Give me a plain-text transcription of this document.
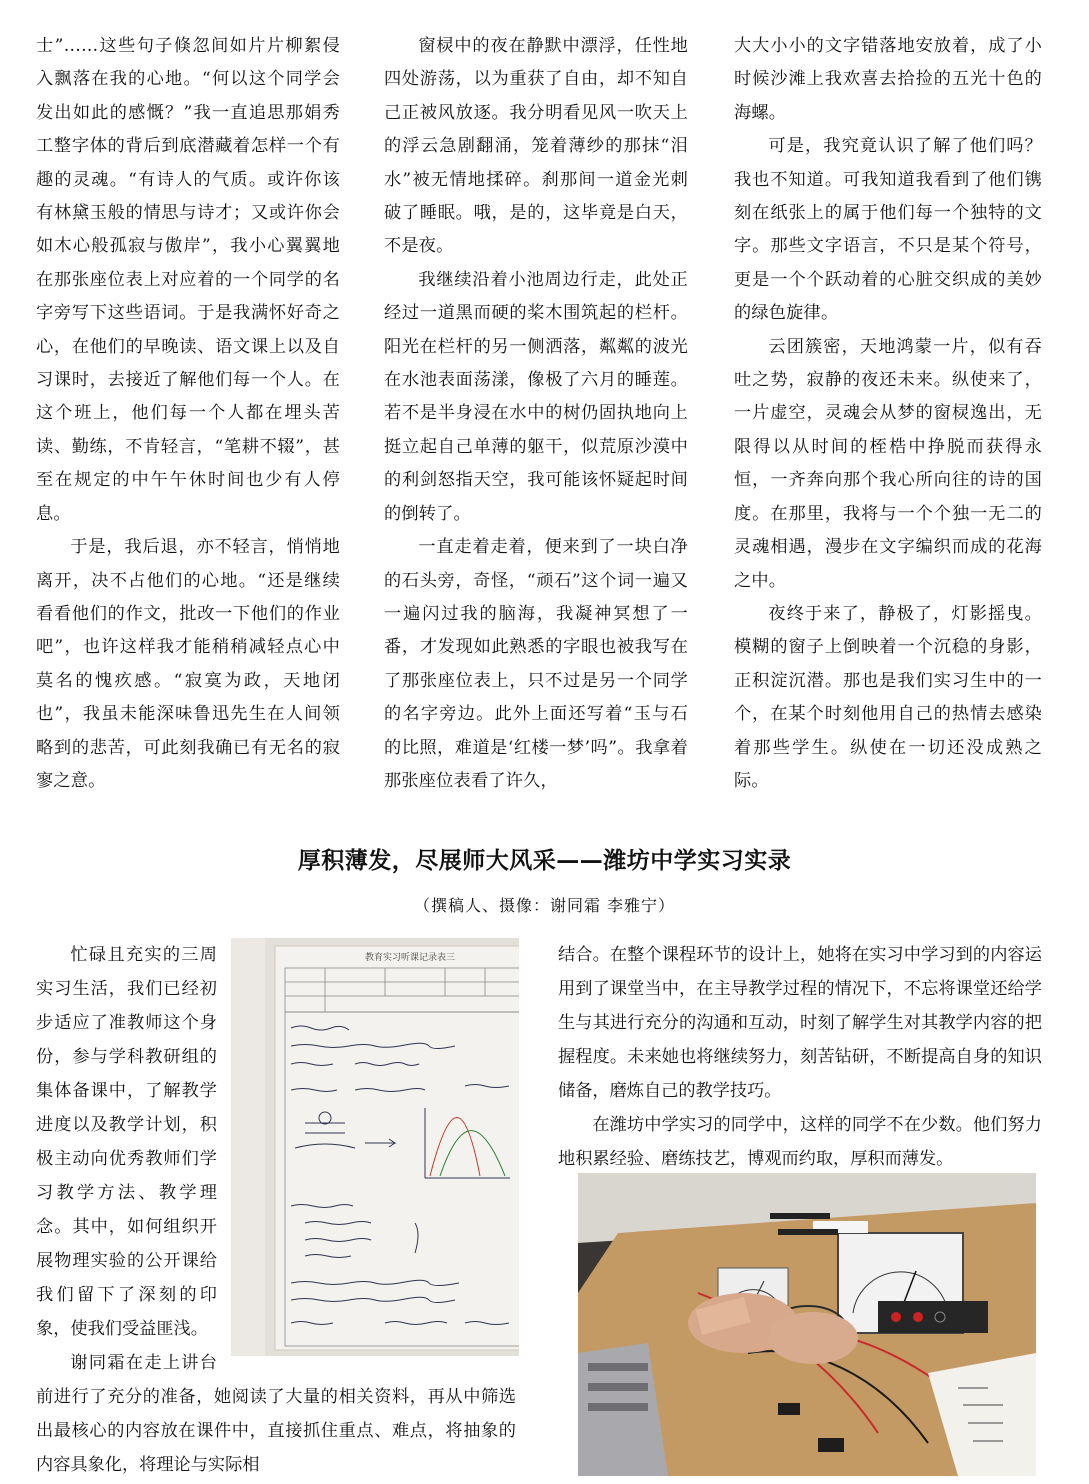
士”……这些句子倏忽间如片片柳絮侵入飘落在我的心地。“何以这个同学会发出如此的感慨？”我一直追思那娟秀工整字体的背后到底潜藏着怎样一个有趣的灵魂。“有诗人的气质。或许你该有林黛玉般的情思与诗才；又或许你会如木心般孤寂与傲岸”，我小心翼翼地在那张座位表上对应着的一个同学的名字旁写下这些语词。于是我满怀好奇之心，在他们的早晚读、语文课上以及自习课时，去接近了解他们每一个人。在这个班上，他们每一个人都在埋头苦读、勤练，不肯轻言，“笔耕不辍”，甚至在规定的中午午休时间也少有人停息。

于是，我后退，亦不轻言，悄悄地离开，决不占他们的心地。“还是继续看看他们的作文，批改一下他们的作业吧”，也许这样我才能稍稍减轻点心中莫名的愧疚感。“寂寞为政，天地闭也”，我虽未能深味鲁迅先生在人间领略到的悲苦，可此刻我确已有无名的寂寥之意。

窗棂中的夜在静默中漂浮，任性地四处游荡，以为重获了自由，却不知自己正被风放逐。我分明看见风一吹天上的浮云急剧翻涌，笼着薄纱的那抹“泪水”被无情地揉碎。刹那间一道金光刺破了睡眠。哦，是的，这毕竟是白天，不是夜。

我继续沿着小池周边行走，此处正经过一道黑而硬的桨木围筑起的栏杆。阳光在栏杆的另一侧洒落，粼粼的波光在水池表面荡漾，像极了六月的睡莲。若不是半身浸在水中的树仍固执地向上挺立起自己单薄的躯干，似荒原沙漠中的利剑怒指天空，我可能该怀疑起时间的倒转了。

一直走着走着，便来到了一块白净的石头旁，奇怪，“顽石”这个词一遍又一遍闪过我的脑海，我凝神冥想了一番，才发现如此熟悉的字眼也被我写在了那张座位表上，只不过是另一个同学的名字旁边。此外上面还写着“玉与石的比照，难道是‘红楼一梦’吗”。我拿着那张座位表看了许久，

大大小小的文字错落地安放着，成了小时候沙滩上我欢喜去拾捡的五光十色的海螺。

可是，我究竟认识了解了他们吗？我也不知道。可我知道我看到了他们镌刻在纸张上的属于他们每一个独特的文字。那些文字语言，不只是某个符号，更是一个个跃动着的心脏交织成的美妙的绿色旋律。

云团簇密，天地鸿蒙一片，似有吞吐之势，寂静的夜还未来。纵使来了，一片虚空，灵魂会从梦的窗棂逸出，无限得以从时间的桎梏中挣脱而获得永恒，一齐奔向那个我心所向往的诗的国度。在那里，我将与一个个独一无二的灵魂相遇，漫步在文字编织而成的花海之中。

夜终于来了，静极了，灯影摇曳。模糊的窗子上倒映着一个沉稳的身影，正积淀沉潜。那也是我们实习生中的一个，在某个时刻他用自己的热情去感染着那些学生。纵使在一切还没成熟之际。

厚积薄发，尽展师大风采——潍坊中学实习实录
（撰稿人、摄像：谢同霜 李雅宁）

教育实习听课记录表三
忙碌且充实的三周实习生活，我们已经初步适应了准教师这个身份，参与学科教研组的集体备课中，了解教学进度以及教学计划，积极主动向优秀教师们学习教学方法、教学理念。其中，如何组织开展物理实验的公开课给我们留下了深刻的印象，使我们受益匪浅。

谢同霜在走上讲台前进行了充分的准备，她阅读了大量的相关资料，再从中筛选出最核心的内容放在课件中，直接抓住重点、难点，将抽象的内容具象化，将理论与实际相

结合。在整个课程环节的设计上，她将在实习中学习到的内容运用到了课堂当中，在主导教学过程的情况下，不忘将课堂还给学生与其进行充分的沟通和互动，时刻了解学生对其教学内容的把握程度。未来她也将继续努力，刻苦钻研，不断提高自身的知识储备，磨炼自己的教学技巧。

在潍坊中学实习的同学中，这样的同学不在少数。他们努力地积累经验、磨练技艺，博观而约取，厚积而薄发。
